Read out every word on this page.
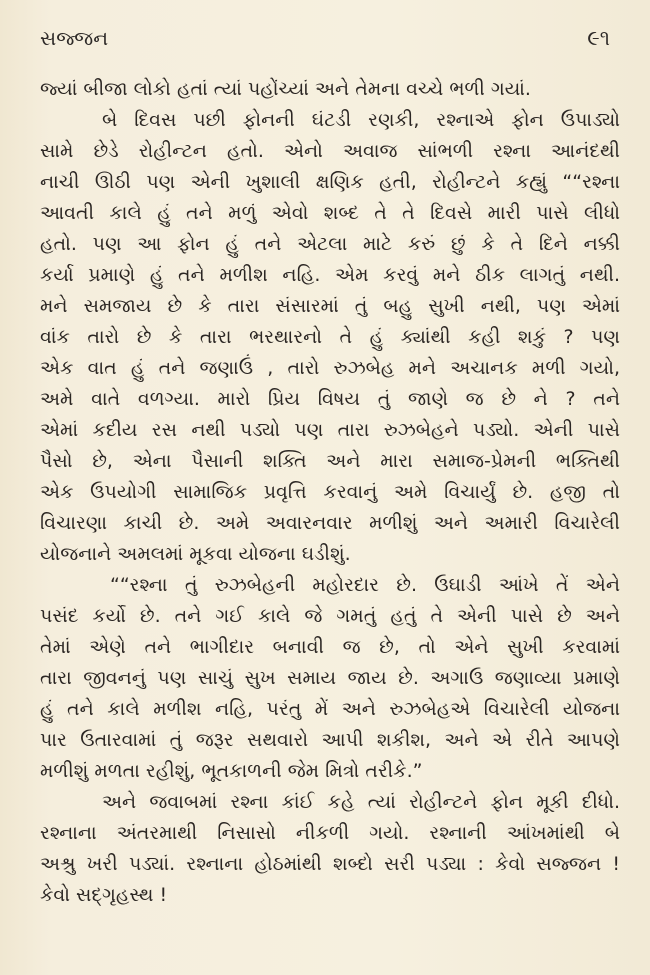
સજ્જન	૯૧
જ્યાં બીજા લોકો હતાં ત્યાં પહોંચ્યાં અને તેમના વચ્ચે ભળી ગયાં.
બે દિવસ પછી ફોનની ઘંટડી રણકી, રશ્નાએ ફોન ઉપાડ્યો
સામે છેડે રોહીન્ટન હતો. એનો અવાજ સાંભળી રશ્ના આનંદથી
નાચી ઊઠી પણ એની ખુશાલી ક્ષણિક હતી, રોહીન્ટને કહ્યું ““રશ્ના
આવતી કાલે હું તને મળું એવો શબ્દ તે તે દિવસે મારી પાસે લીધો
હતો. પણ આ ફોન હું તને એટલા માટે કરું છું કે તે દિને નક્કી
કર્યા પ્રમાણે હું તને મળીશ નહિ. એમ કરવું મને ઠીક લાગતું નથી.
મને સમજાય છે કે તારા સંસારમાં તું બહુ સુખી નથી, પણ એમાં
વાંક તારો છે કે તારા ભરથારનો તે હું ક્યાંથી કહી શકું ? પણ
એક વાત હું તને જણાઉં , તારો રુઝબેહ મને અચાનક મળી ગયો,
અમે વાતે વળગ્યા. મારો પ્રિય વિષય તું જાણે જ છે ને ? તને
એમાં કદીય રસ નથી પડ્યો પણ તારા રુઝબેહને પડ્યો. એની પાસે
પૈસો છે, એના પૈસાની શક્તિ અને મારા સમાજ-પ્રેમની ભક્તિથી
એક ઉપયોગી સામાજિક પ્રવૃત્તિ કરવાનું અમે વિચાર્યું છે. હજી તો
વિચારણા કાચી છે. અમે અવારનવાર મળીશું અને અમારી વિચારેલી
યોજનાને અમલમાં મૂકવા યોજના ઘડીશું.
““રશ્ના તું રુઝબેહની મહોરદાર છે. ઉઘાડી આંખે તેં એને
પસંદ કર્યો છે. તને ગઈ કાલે જે ગમતું હતું તે એની પાસે છે અને
તેમાં એણે તને ભાગીદાર બનાવી જ છે, તો એને સુખી કરવામાં
તારા જીવનનું પણ સાચું સુખ સમાય જાય છે. અગાઉ જણાવ્યા પ્રમાણે
હું તને કાલે મળીશ નહિ, પરંતુ મેં અને રુઝબેહએ વિચારેલી યોજના
પાર ઉતારવામાં તું જરૂર સથવારો આપી શકીશ, અને એ રીતે આપણે
મળીશું મળતા રહીશું, ભૂતકાળની જેમ મિત્રો તરીકે.”
અને જવાબમાં રશ્ના કાંઈ કહે ત્યાં રોહીન્ટને ફોન મૂકી દીધો.
રશ્નાના અંતરમાથી નિસાસો નીકળી ગયો. રશ્નાની આંખમાંથી બે
અશ્રુ ખરી પડ્યાં. રશ્નાના હોઠમાંથી શબ્દો સરી પડ્યા : કેવો સજ્જન !
કેવો સદ્ગૃહસ્થ !
